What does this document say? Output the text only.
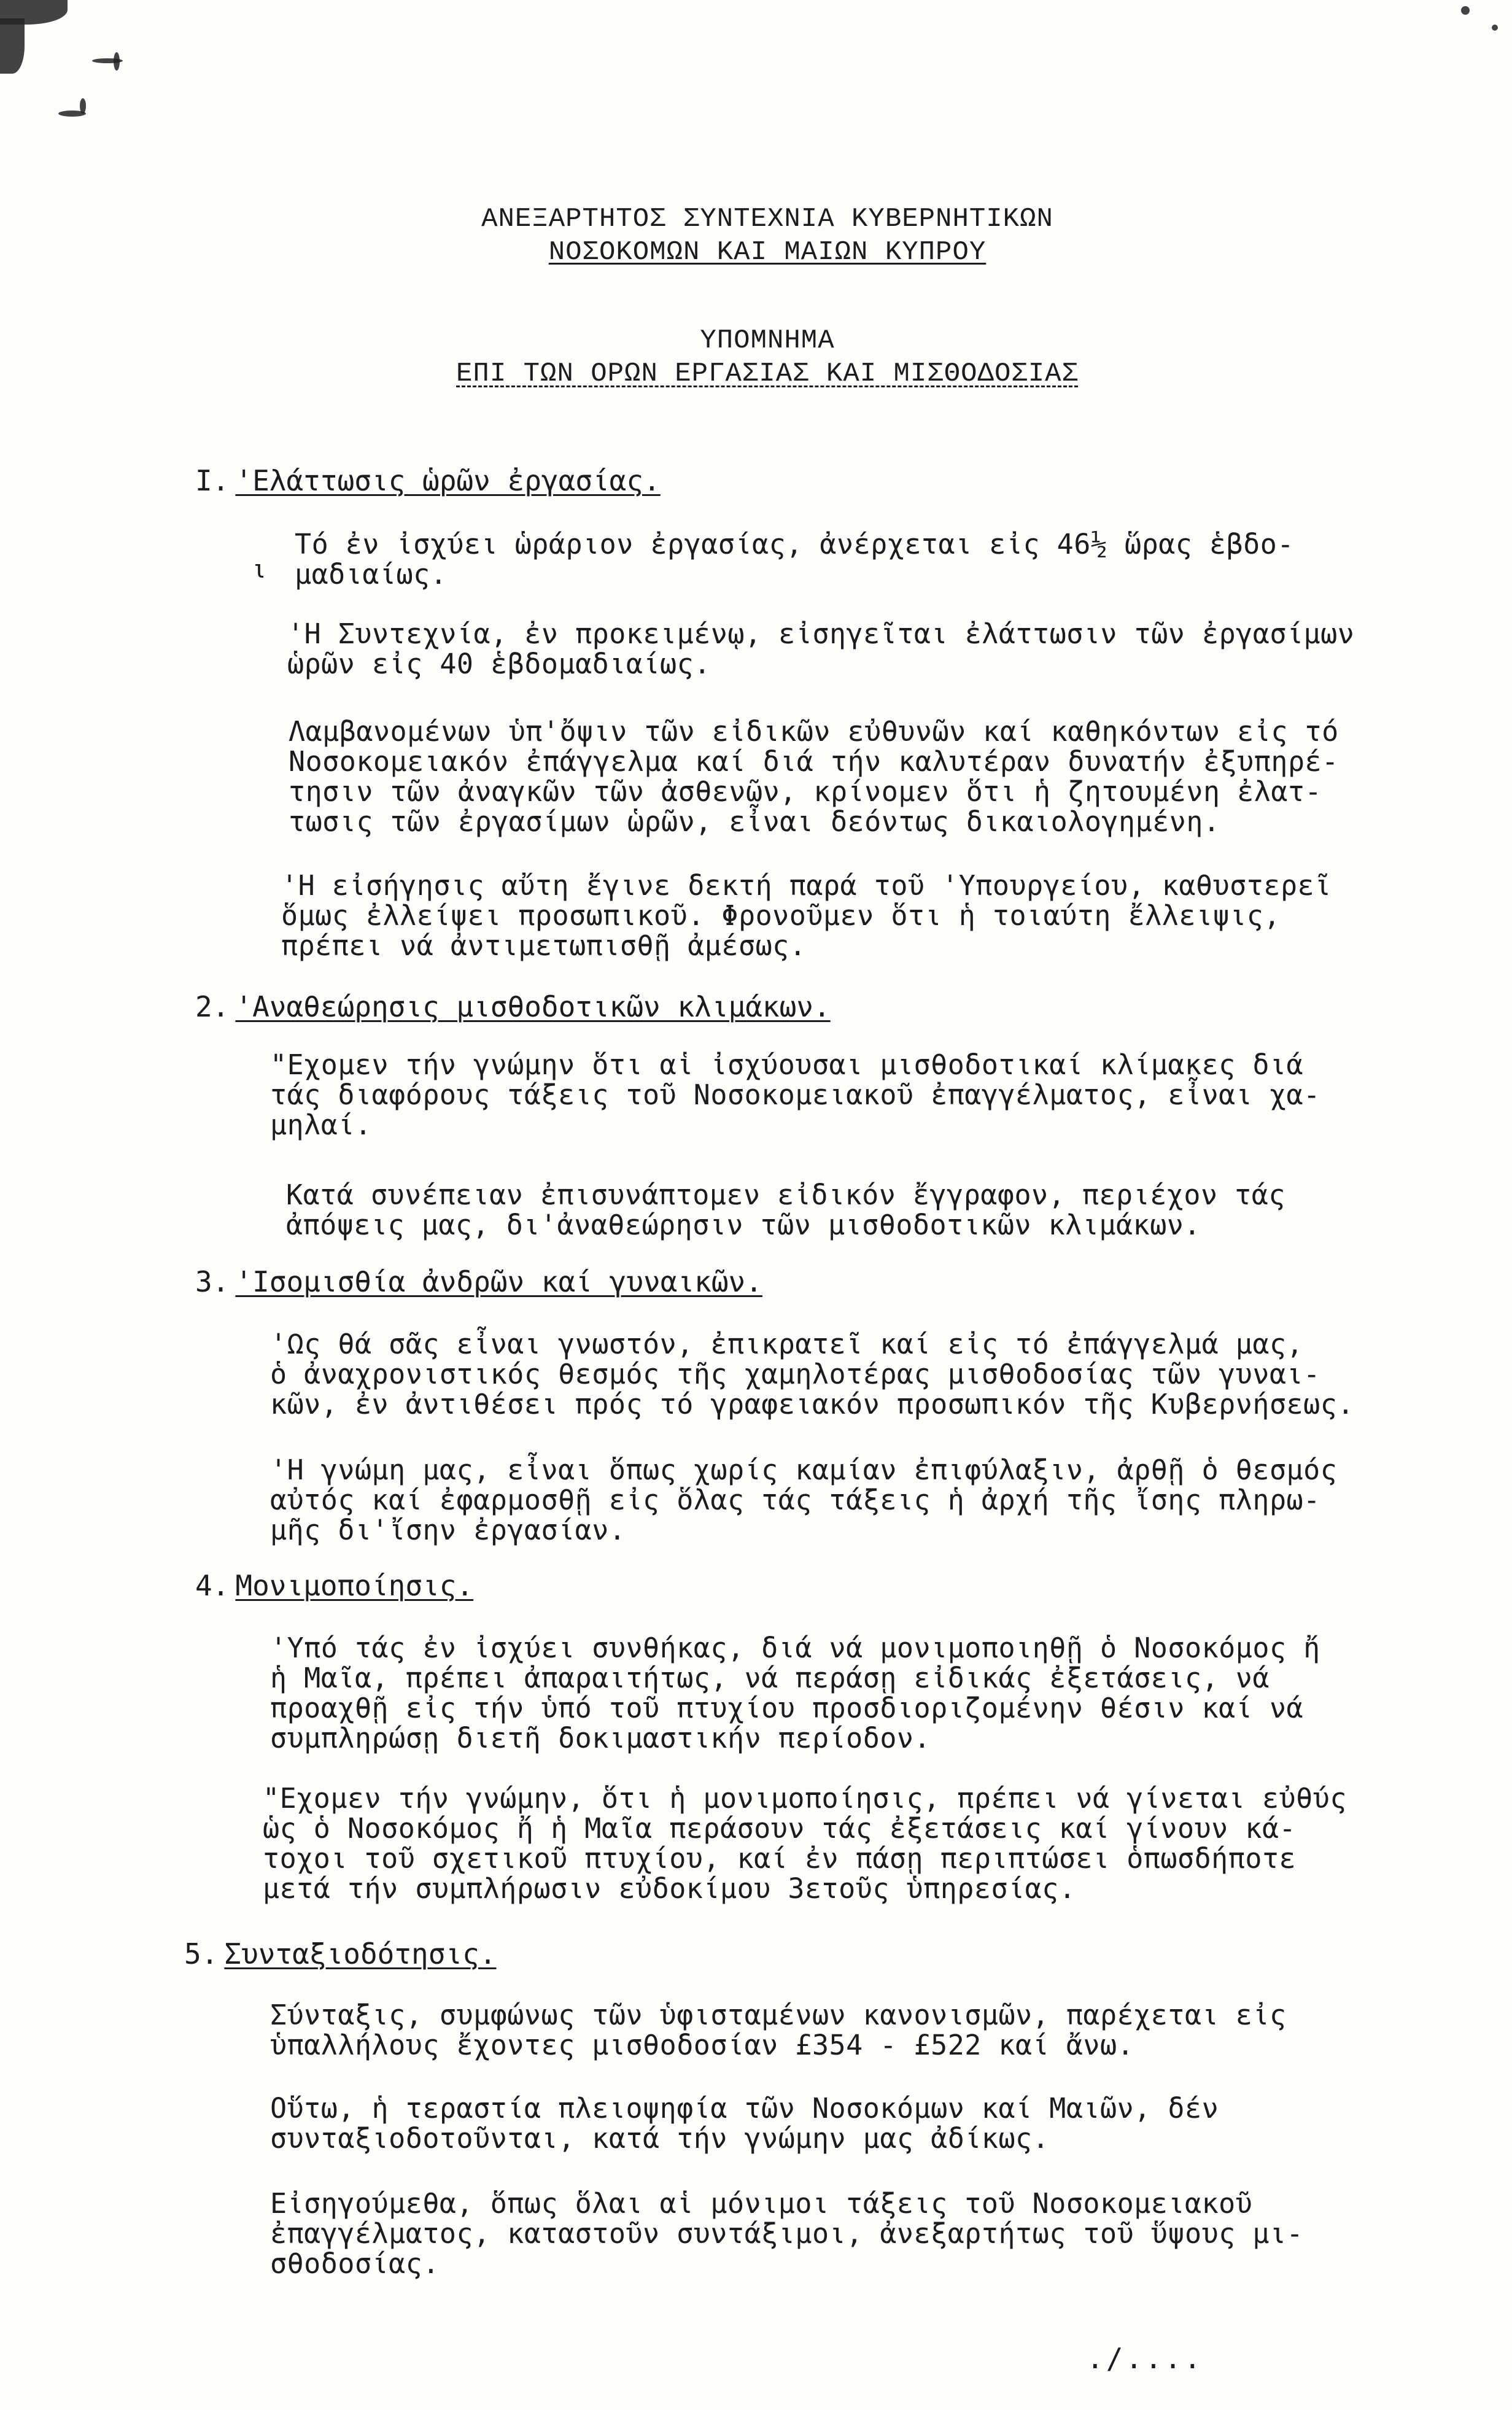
ΑΝΕΞΑΡΤΗΤΟΣ ΣΥΝΤΕΧΝΙΑ ΚΥΒΕΡΝΗΤΙΚΩΝ
ΝΟΣΟΚΟΜΩΝ ΚΑΙ ΜΑΙΩΝ ΚΥΠΡΟΥ
ΥΠΟΜΝΗΜΑ
ΕΠΙ ΤΩΝ ΟΡΩΝ ΕΡΓΑΣΙΑΣ ΚΑΙ ΜΙΣΘΟΔΟΣΙΑΣ
I. 'Ελάττωσις ὡρῶν ἐργασίας.
Τό ἐν ἰσχύει ὡράριον ἐργασίας, ἀνέρχεται εἰς 46½ ὥρας ἑβδο-
μαδιαίως.
ι
'Η Συντεχνία, ἐν προκειμένῳ, εἰσηγεῖται ἐλάττωσιν τῶν ἐργασίμων
ὡρῶν εἰς 40 ἑβδομαδιαίως.
Λαμβανομένων ὑπ'ὄψιν τῶν εἰδικῶν εὐθυνῶν καί καθηκόντων εἰς τό
Νοσοκομειακόν ἐπάγγελμα καί διά τήν καλυτέραν δυνατήν ἐξυπηρέ-
τησιν τῶν ἀναγκῶν τῶν ἀσθενῶν, κρίνομεν ὅτι ἡ ζητουμένη ἐλατ-
τωσις τῶν ἐργασίμων ὡρῶν, εἶναι δεόντως δικαιολογημένη.
'Η εἰσήγησις αὔτη ἔγινε δεκτή παρά τοῦ 'Υπουργείου, καθυστερεῖ
ὅμως ἐλλείψει προσωπικοῦ. Φρονοῦμεν ὅτι ἡ τοιαύτη ἔλλειψις,
πρέπει νά ἀντιμετωπισθῇ ἀμέσως.
2. 'Αναθεώρησις μισθοδοτικῶν κλιμάκων.
"Εχομεν τήν γνώμην ὅτι αἱ ἰσχύουσαι μισθοδοτικαί κλίμακες διά
τάς διαφόρους τάξεις τοῦ Νοσοκομειακοῦ ἐπαγγέλματος, εἶναι χα-
μηλαί.
Κατά συνέπειαν ἐπισυνάπτομεν εἰδικόν ἔγγραφον, περιέχον τάς
ἀπόψεις μας, δι'ἀναθεώρησιν τῶν μισθοδοτικῶν κλιμάκων.
3. 'Ισομισθία ἀνδρῶν καί γυναικῶν.
'Ως θά σᾶς εἶναι γνωστόν, ἐπικρατεῖ καί εἰς τό ἐπάγγελμά μας,
ὁ ἀναχρονιστικός θεσμός τῆς χαμηλοτέρας μισθοδοσίας τῶν γυναι-
κῶν, ἐν ἀντιθέσει πρός τό γραφειακόν προσωπικόν τῆς Κυβερνήσεως.
'Η γνώμη μας, εἶναι ὅπως χωρίς καμίαν ἐπιφύλαξιν, ἀρθῇ ὁ θεσμός
αὐτός καί ἐφαρμοσθῇ εἰς ὅλας τάς τάξεις ἡ ἀρχή τῆς ἴσης πληρω-
μῆς δι'ἴσην ἐργασίαν.
4. Μονιμοποίησις.
'Υπό τάς ἐν ἰσχύει συνθήκας, διά νά μονιμοποιηθῇ ὁ Νοσοκόμος ἤ
ἡ Μαῖα, πρέπει ἀπαραιτήτως, νά περάσῃ εἰδικάς ἐξετάσεις, νά
προαχθῇ εἰς τήν ὑπό τοῦ πτυχίου προσδιοριζομένην θέσιν καί νά
συμπληρώσῃ διετῆ δοκιμαστικήν περίοδον.
"Εχομεν τήν γνώμην, ὅτι ἡ μονιμοποίησις, πρέπει νά γίνεται εὐθύς
ὡς ὁ Νοσοκόμος ἤ ἡ Μαῖα περάσουν τάς ἐξετάσεις καί γίνουν κά-
τοχοι τοῦ σχετικοῦ πτυχίου, καί ἐν πάσῃ περιπτώσει ὁπωσδήποτε
μετά τήν συμπλήρωσιν εὐδοκίμου 3ετοῦς ὑπηρεσίας.
5. Συνταξιοδότησις.
Σύνταξις, συμφώνως τῶν ὑφισταμένων κανονισμῶν, παρέχεται εἰς
ὑπαλλήλους ἔχοντες μισθοδοσίαν £354 - £522 καί ἄνω.
Οὕτω, ἡ τεραστία πλειοψηφία τῶν Νοσοκόμων καί Μαιῶν, δέν
συνταξιοδοτοῦνται, κατά τήν γνώμην μας ἀδίκως.
Εἰσηγούμεθα, ὅπως ὅλαι αἱ μόνιμοι τάξεις τοῦ Νοσοκομειακοῦ
ἐπαγγέλματος, καταστοῦν συντάξιμοι, ἀνεξαρτήτως τοῦ ὕψους μι-
σθοδοσίας.
./....
